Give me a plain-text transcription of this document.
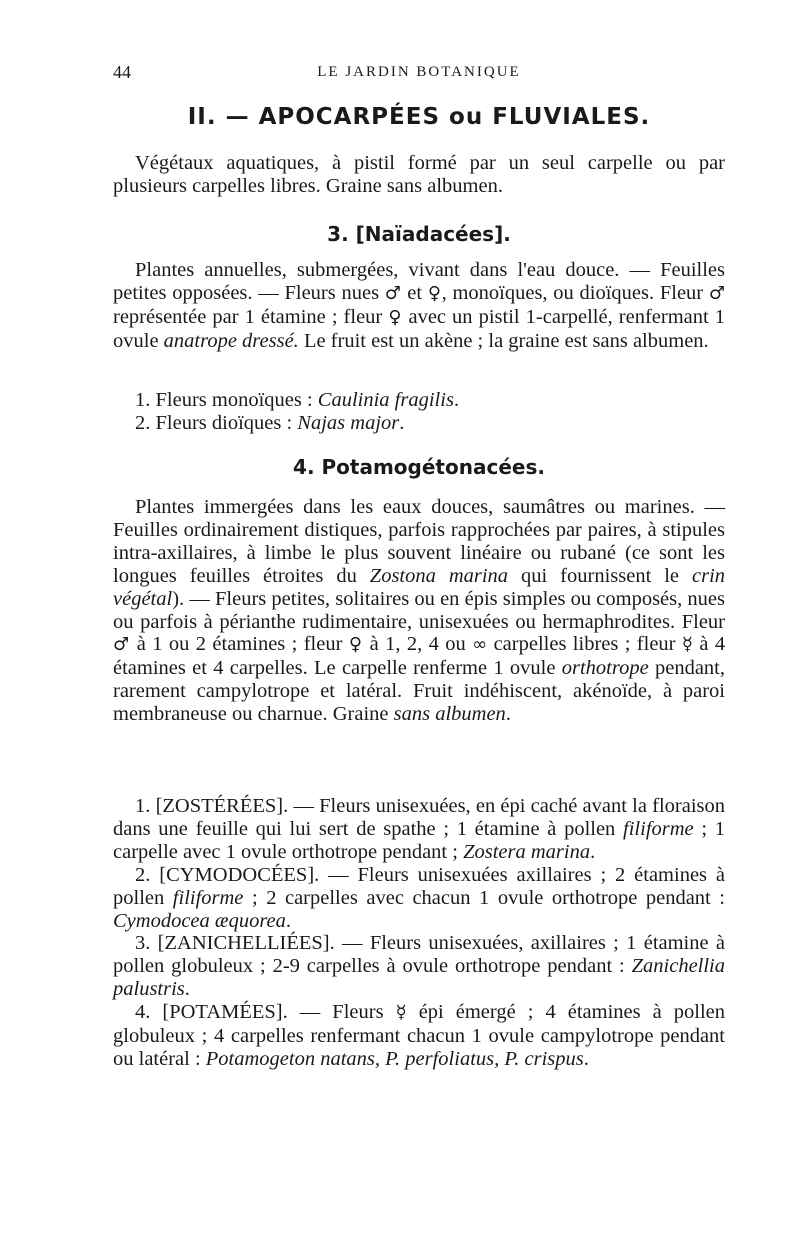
44	LE JARDIN BOTANIQUE
II. — APOCARPÉES ou FLUVIALES.

Végétaux aquatiques, à pistil formé par un seul carpelle ou par plusieurs carpelles libres. Graine sans albumen.

3. [Naïadacées].

Plantes annuelles, submergées, vivant dans l'eau douce. — Feuilles petites opposées. — Fleurs nues ♂ et ♀, monoïques, ou dioïques. Fleur ♂ représentée par 1 étamine ; fleur ♀ avec un pistil 1-carpellé, renfermant 1 ovule anatrope dressé. Le fruit est un akène ; la graine est sans albumen.

1. Fleurs monoïques : Caulinia fragilis.
2. Fleurs dioïques : Najas major.
4. Potamogétonacées.

Plantes immergées dans les eaux douces, saumâtres ou marines. — Feuilles ordinairement distiques, parfois rapprochées par paires, à stipules intra-axillaires, à limbe le plus souvent linéaire ou rubané (ce sont les longues feuilles étroites du Zostona marina qui fournissent le crin végétal). — Fleurs petites, solitaires ou en épis simples ou composés, nues ou parfois à périanthe rudimentaire, unisexuées ou hermaphrodites. Fleur ♂ à 1 ou 2 étamines ; fleur ♀ à 1, 2, 4 ou ∞ carpelles libres ; fleur ☿ à 4 étamines et 4 carpelles. Le carpelle renferme 1 ovule orthotrope pendant, rarement campylotrope et latéral. Fruit indéhiscent, akénoïde, à paroi membraneuse ou charnue. Graine sans albumen.

1. [ZOSTÉRÉES]. — Fleurs unisexuées, en épi caché avant la floraison dans une feuille qui lui sert de spathe ; 1 étamine à pollen filiforme ; 1 carpelle avec 1 ovule orthotrope pendant ; Zostera marina.
2. [CYMODOCÉES]. — Fleurs unisexuées axillaires ; 2 étamines à pollen filiforme ; 2 carpelles avec chacun 1 ovule orthotrope pendant : Cymodocea æquorea.
3. [ZANICHELLIÉES]. — Fleurs unisexuées, axillaires ; 1 étamine à pollen globuleux ; 2-9 carpelles à ovule orthotrope pendant : Zanichellia palustris.
4. [POTAMÉES]. — Fleurs ☿ épi émergé ; 4 étamines à pollen globuleux ; 4 carpelles renfermant chacun 1 ovule campylotrope pendant ou latéral : Potamogeton natans, P. perfoliatus, P. crispus.
